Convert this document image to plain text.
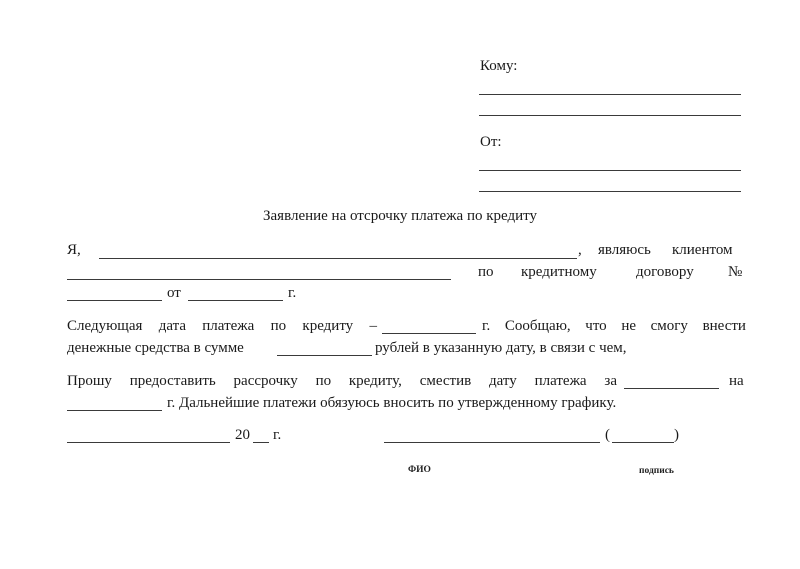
Кому:
От:
Заявление на отсрочку платежа по кредиту
Я,	, являюсь клиентом
по кредитному	договору №
от	г.
Следующая дата платежа по кредиту –	г. Сообщаю, что не смогу внести
денежные средства в сумме	рублей в указанную дату, в связи с чем,
Прошу предоставить рассрочку по кредиту, сместив дату платежа за	на
г. Дальнейшие платежи обязуюсь вносить по утвержденному графику.
20 г.	(	)
ФИО	подпись
